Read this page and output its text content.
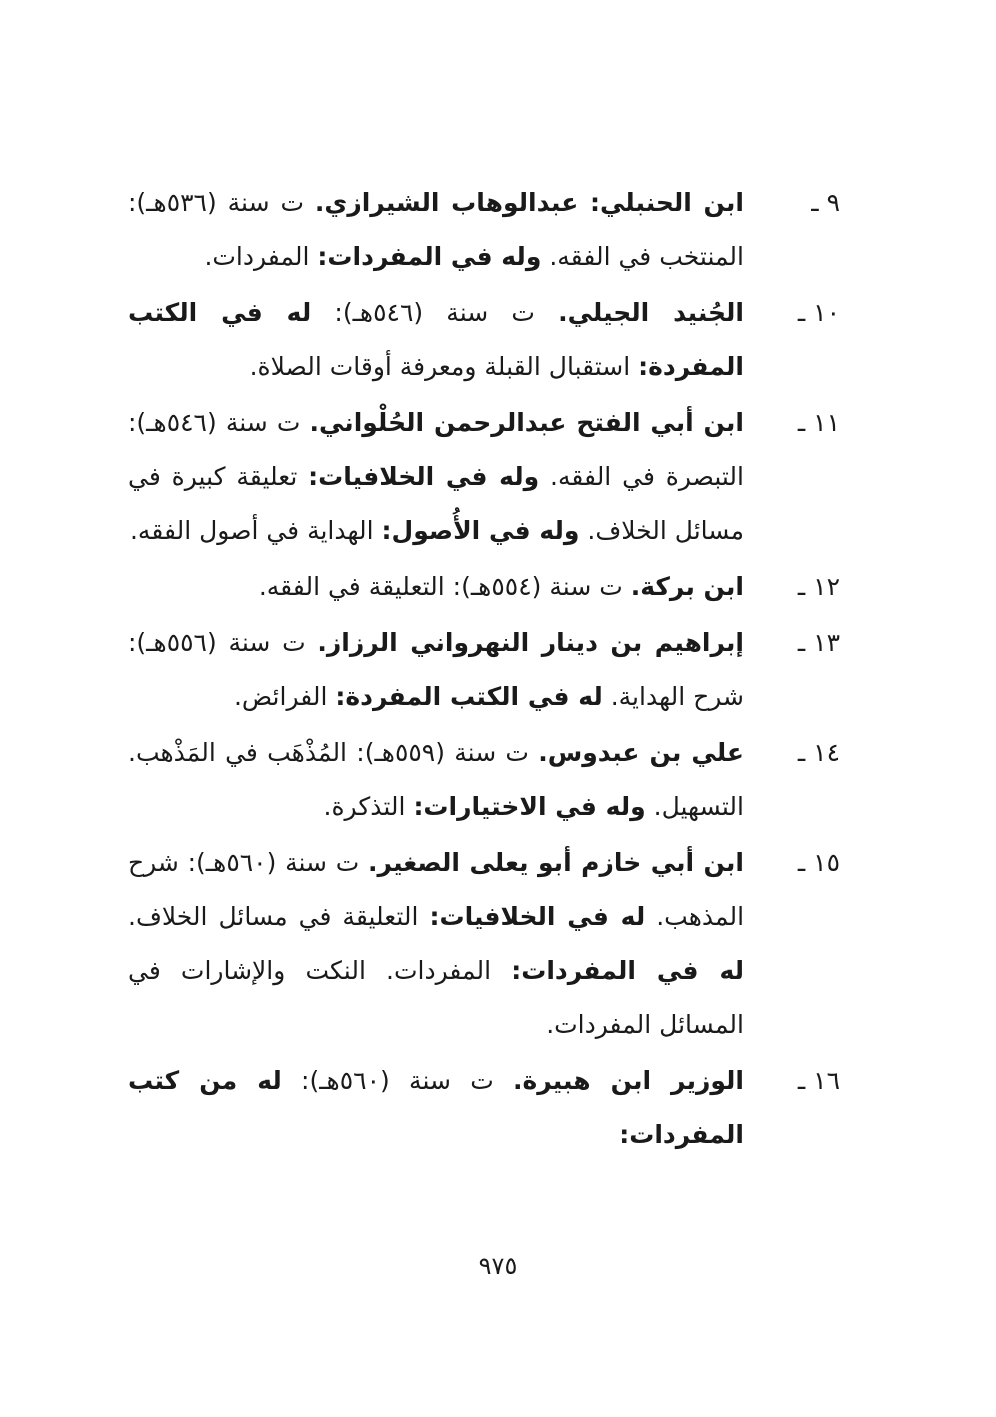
٩ ـ
ابن الحنبلي: عبدالوهاب الشيرازي. ت سنة (٥٣٦هـ): المنتخب في الفقه. وله في المفردات: المفردات.
١٠ ـ
الجُنيد الجيلي. ت سنة (٥٤٦هـ): له في الكتب المفردة: استقبال القبلة ومعرفة أوقات الصلاة.
١١ ـ
ابن أبي الفتح عبدالرحمن الحُلْواني. ت سنة (٥٤٦هـ): التبصرة في الفقه. وله في الخلافيات: تعليقة كبيرة في مسائل الخلاف. وله في الأُصول: الهداية في أصول الفقه.
١٢ ـ
ابن بركة. ت سنة (٥٥٤هـ): التعليقة في الفقه.
١٣ ـ
إبراهيم بن دينار النهرواني الرزاز. ت سنة (٥٥٦هـ): شرح الهداية. له في الكتب المفردة: الفرائض.
١٤ ـ
علي بن عبدوس. ت سنة (٥٥٩هـ): المُذْهَب في المَذْهب. التسهيل. وله في الاختيارات: التذكرة.
١٥ ـ
ابن أبي خازم أبو يعلى الصغير. ت سنة (٥٦٠هـ): شرح المذهب. له في الخلافيات: التعليقة في مسائل الخلاف. له في المفردات: المفردات. النكت والإشارات في المسائل المفردات.
١٦ ـ
الوزير ابن هبيرة. ت سنة (٥٦٠هـ): له من كتب المفردات:
٩٧٥
